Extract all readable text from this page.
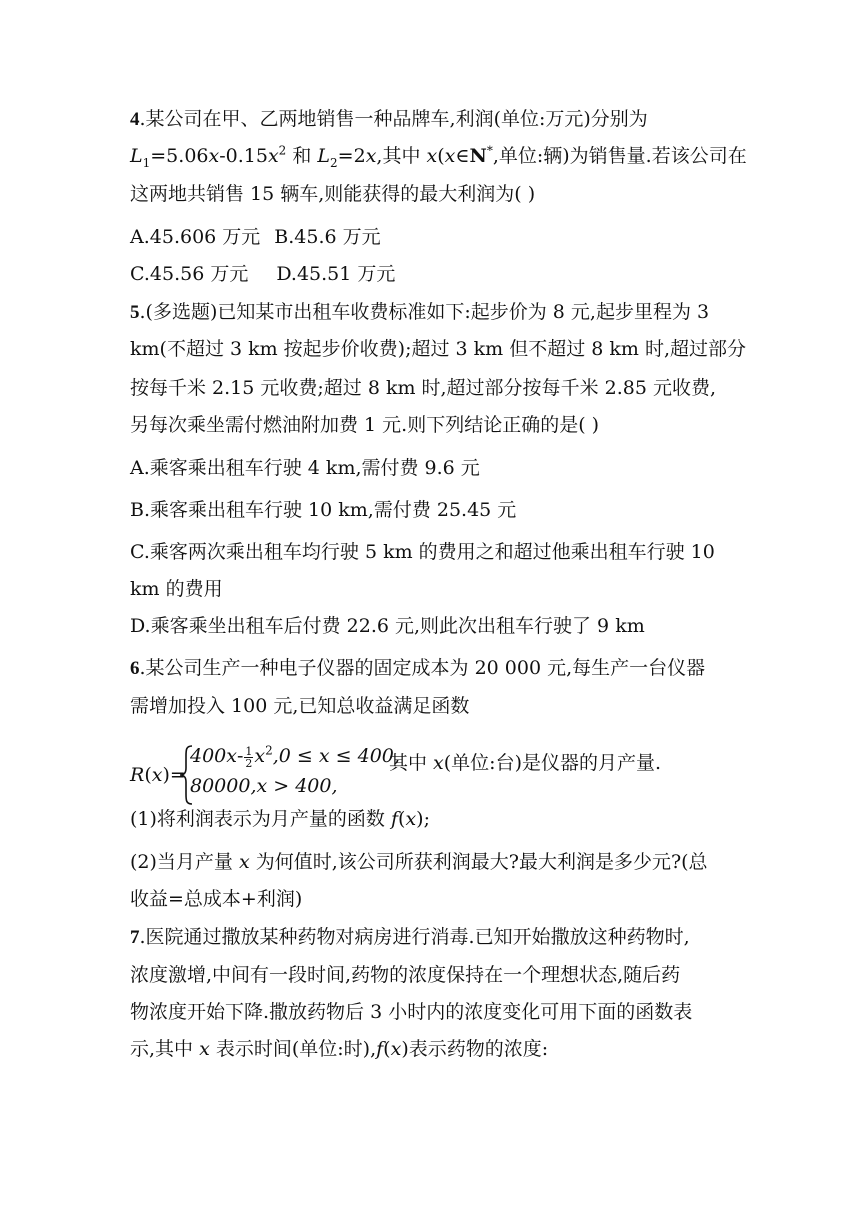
4.某公司在甲、乙两地销售一种品牌车,利润(单位:万元)分别为
$L_1=5.06x-0.15x^2$ 和 $L_2=2x$,其中 x(x∈N*,单位:辆)为销售量.若该公司在
这两地共销售 15 辆车,则能获得的最大利润为( )
A.45.606 万元 B.45.6 万元
C.45.56 万元 D.45.51 万元
5.(多选题)已知某市出租车收费标准如下:起步价为 8 元,起步里程为 3
km(不超过 3 km 按起步价收费);超过 3 km 但不超过 8 km 时,超过部分
按每千米 2.15 元收费;超过 8 km 时,超过部分按每千米 2.85 元收费,
另每次乘坐需付燃油附加费 1 元.则下列结论正确的是( )
A.乘客乘出租车行驶 4 km,需付费 9.6 元
B.乘客乘出租车行驶 10 km,需付费 25.45 元
C.乘客两次乘出租车均行驶 5 km 的费用之和超过他乘出租车行驶 10
km 的费用
D.乘客乘坐出租车后付费 22.6 元,则此次出租车行驶了 9 km
6.某公司生产一种电子仪器的固定成本为 20 000 元,每生产一台仪器
需增加投入 100 元,已知总收益满足函数
R(x)=
$400x- \frac{1}{2} x^2,0 \le x \le 400$,
80000,x > 400,
其中 x(单位:台)是仪器的月产量.
(1)将利润表示为月产量的函数 f(x);
(2)当月产量 x 为何值时,该公司所获利润最大?最大利润是多少元?(总
收益=总成本+利润)
7.医院通过撒放某种药物对病房进行消毒.已知开始撒放这种药物时,
浓度激增,中间有一段时间,药物的浓度保持在一个理想状态,随后药
物浓度开始下降.撒放药物后 3 小时内的浓度变化可用下面的函数表
示,其中 x 表示时间(单位:时),f(x)表示药物的浓度:
